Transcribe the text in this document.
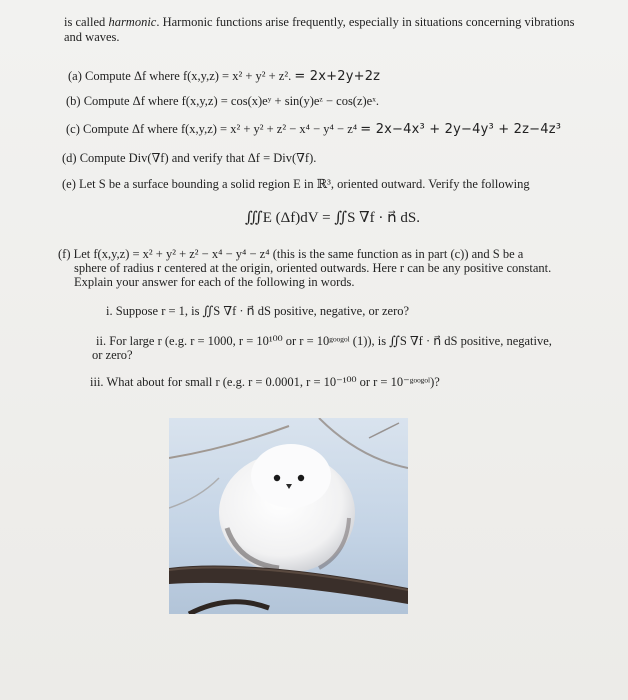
is called harmonic. Harmonic functions arise frequently, especially in situations concerning vibrations
and waves.
(a) Compute Δf where f(x,y,z) = x² + y² + z². = 2x+2y+2z
(b) Compute Δf where f(x,y,z) = cos(x)eʸ + sin(y)eᶻ − cos(z)eˣ.
(c) Compute Δf where f(x,y,z) = x² + y² + z² − x⁴ − y⁴ − z⁴ = 2x−4x³ + 2y−4y³ + 2z−4z³
(d) Compute Div(∇f) and verify that Δf = Div(∇f).
(e) Let S be a surface bounding a solid region E in ℝ³, oriented outward. Verify the following
∭E (Δf)dV = ∬S ∇f · n⃗ dS.
(f) Let f(x,y,z) = x² + y² + z² − x⁴ − y⁴ − z⁴ (this is the same function as in part (c)) and S be a
sphere of radius r centered at the origin, oriented outwards. Here r can be any positive constant.
Explain your answer for each of the following in words.
i. Suppose r = 1, is ∬S ∇f · n⃗ dS positive, negative, or zero?
ii. For large r (e.g. r = 1000, r = 10¹⁰⁰ or r = 10ᵍᵒᵒᵍᵒˡ (1)), is ∬S ∇f · n⃗ dS positive, negative,
or zero?
iii. What about for small r (e.g. r = 0.0001, r = 10⁻¹⁰⁰ or r = 10⁻ᵍᵒᵒᵍᵒˡ)?
